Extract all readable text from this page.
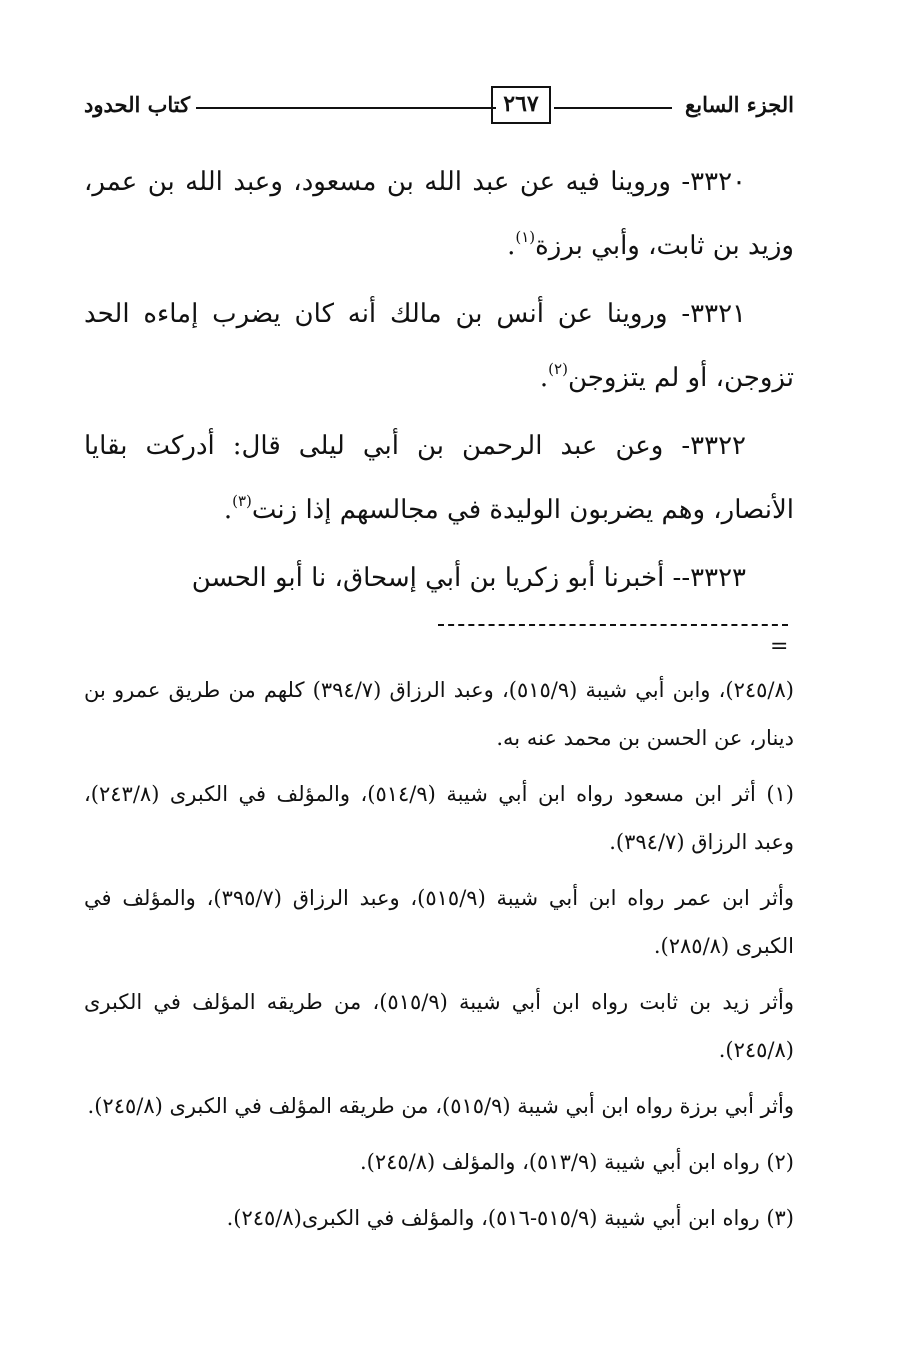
كتاب الحدود	٢٦٧	الجزء السابع

٣٣٢٠- وروينا فيه عن عبد الله بن مسعود، وعبد الله بن عمر، وزيد بن ثابت، وأبي برزة$^{(١)}$.

٣٣٢١- وروينا عن أنس بن مالك أنه كان يضرب إماءه الحد تزوجن، أو لم يتزوجن$^{(٢)}$.

٣٣٢٢- وعن عبد الرحمن بن أبي ليلى قال: أدركت بقايا الأنصار، وهم يضربون الوليدة في مجالسهم إذا زنت$^{(٣)}$.

٣٣٢٣-- أخبرنا أبو زكريا بن أبي إسحاق، نا أبو الحسن

=

(٢٤٥/٨)، وابن أبي شيبة (٥١٥/٩)، وعبد الرزاق (٣٩٤/٧) كلهم من طريق عمرو بن دينار، عن الحسن بن محمد عنه به.

(١) أثر ابن مسعود رواه ابن أبي شيبة (٥١٤/٩)، والمؤلف في الكبرى (٢٤٣/٨)، وعبد الرزاق (٣٩٤/٧).

وأثر ابن عمر رواه ابن أبي شيبة (٥١٥/٩)، وعبد الرزاق (٣٩٥/٧)، والمؤلف في الكبرى (٢٨٥/٨).

وأثر زيد بن ثابت رواه ابن أبي شيبة (٥١٥/٩)، من طريقه المؤلف في الكبرى (٢٤٥/٨).

وأثر أبي برزة رواه ابن أبي شيبة (٥١٥/٩)، من طريقه المؤلف في الكبرى (٢٤٥/٨).

(٢) رواه ابن أبي شيبة (٥١٣/٩)، والمؤلف (٢٤٥/٨).

(٣) رواه ابن أبي شيبة (٥١٥/٩-٥١٦)، والمؤلف في الكبرى(٢٤٥/٨).
